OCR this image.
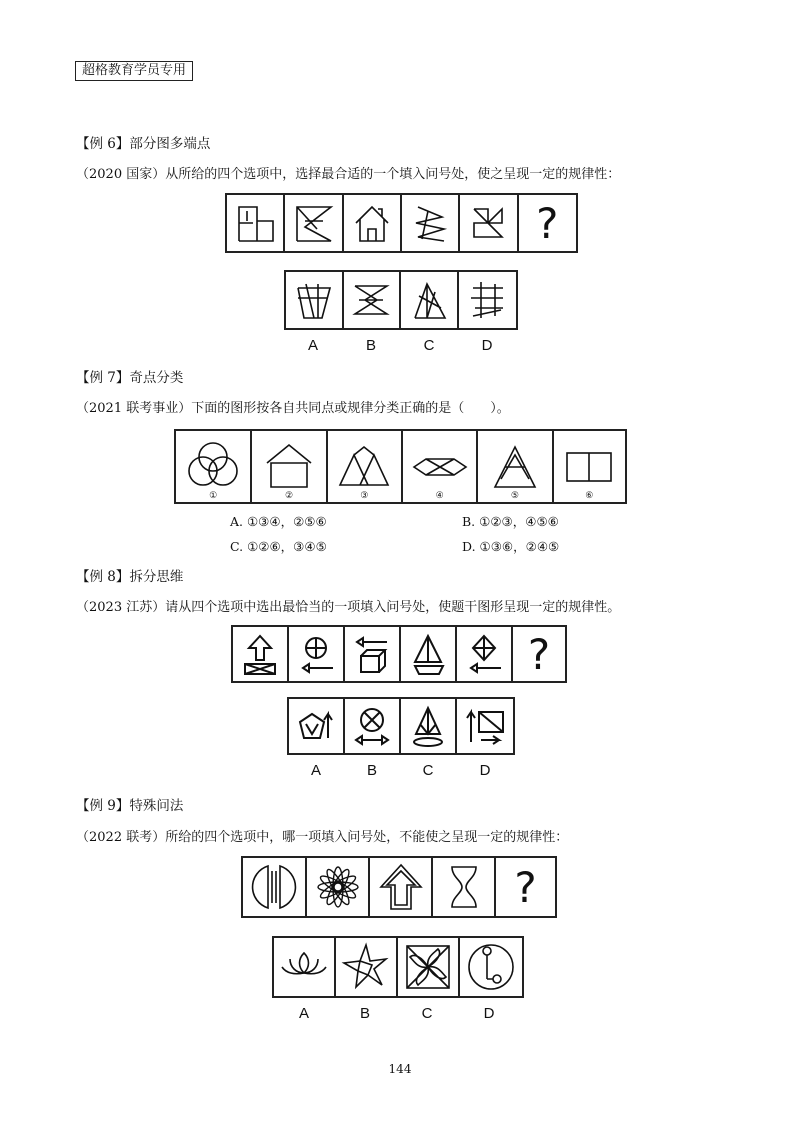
超格教育学员专用
【例 6】部分图多端点
（2020 国家）从所给的四个选项中，选择最合适的一个填入问号处，使之呈现一定的规律性：
?
A	B	C	D
【例 7】奇点分类
（2021 联考事业）下面的图形按各自共同点或规律分类正确的是（　　）。
①	②	③	④	⑤	⑥
A. ①③④，②⑤⑥	B. ①②③，④⑤⑥
C. ①②⑥，③④⑤	D. ①③⑥，②④⑤
【例 8】拆分思维
（2023 江苏）请从四个选项中选出最恰当的一项填入问号处，使题干图形呈现一定的规律性。
?
A	B	C	D
【例 9】特殊问法
（2022 联考）所给的四个选项中，哪一项填入问号处，不能使之呈现一定的规律性：
?
A	B	C	D
144
